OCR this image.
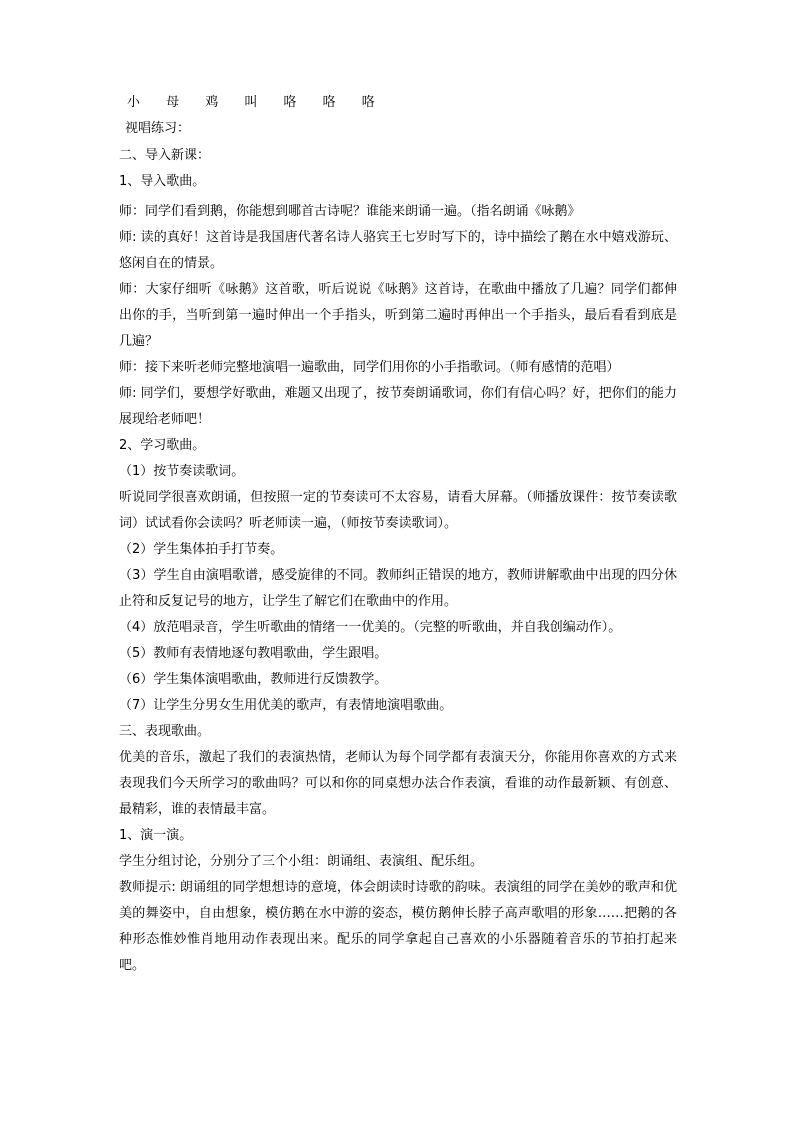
小 母 鸡 叫 咯 咯 咯

视唱练习：

二、导入新课：

1、导入歌曲。

师：同学们看到鹅，你能想到哪首古诗呢？谁能来朗诵一遍。（指名朗诵《咏鹅》

师: 读的真好！这首诗是我国唐代著名诗人骆宾王七岁时写下的，诗中描绘了鹅在水中嬉戏游玩、悠闲自在的情景。

师：大家仔细听《咏鹅》这首歌，听后说说《咏鹅》这首诗，在歌曲中播放了几遍？同学们都伸出你的手，当听到第一遍时伸出一个手指头，听到第二遍时再伸出一个手指头，最后看看到底是几遍？

师：接下来听老师完整地演唱一遍歌曲，同学们用你的小手指歌词。（师有感情的范唱）

师: 同学们，要想学好歌曲，难题又出现了，按节奏朗诵歌词，你们有信心吗？好，把你们的能力展现给老师吧！

2、学习歌曲。

（1）按节奏读歌词。

听说同学很喜欢朗诵，但按照一定的节奏读可不太容易，请看大屏幕。（师播放课件：按节奏读歌词）试试看你会读吗？听老师读一遍，（师按节奏读歌词）。

（2）学生集体拍手打节奏。

（3）学生自由演唱歌谱，感受旋律的不同。教师纠正错误的地方，教师讲解歌曲中出现的四分休止符和反复记号的地方，让学生了解它们在歌曲中的作用。

（4）放范唱录音，学生听歌曲的情绪一一优美的。（完整的听歌曲，并自我创编动作）。

（5）教师有表情地逐句教唱歌曲，学生跟唱。

（6）学生集体演唱歌曲，教师进行反馈教学。

（7）让学生分男女生用优美的歌声，有表情地演唱歌曲。

三、表现歌曲。

优美的音乐，激起了我们的表演热情，老师认为每个同学都有表演天分，你能用你喜欢的方式来表现我们今天所学习的歌曲吗？可以和你的同桌想办法合作表演，看谁的动作最新颖、有创意、最精彩，谁的表情最丰富。

1、演一演。

学生分组讨论，分别分了三个小组：朗诵组、表演组、配乐组。

教师提示: 朗诵组的同学想想诗的意境，体会朗读时诗歌的韵味。表演组的同学在美妙的歌声和优美的舞姿中，自由想象，模仿鹅在水中游的姿态，模仿鹅伸长脖子高声歌唱的形象……把鹅的各种形态惟妙惟肖地用动作表现出来。配乐的同学拿起自己喜欢的小乐器随着音乐的节拍打起来吧。
